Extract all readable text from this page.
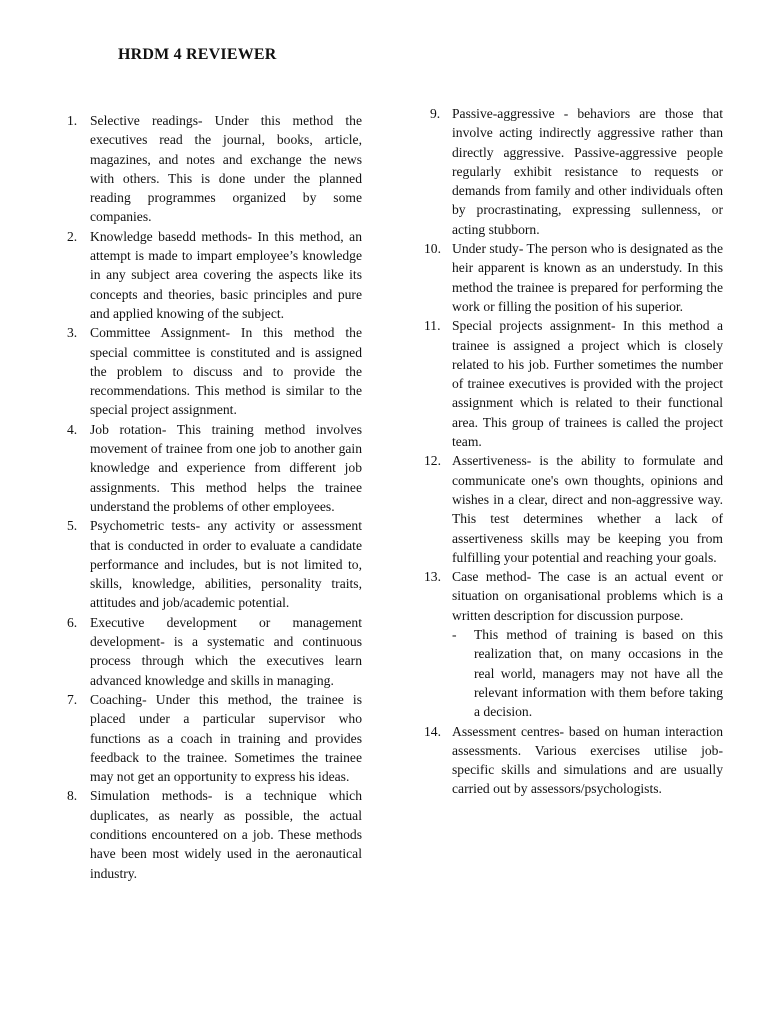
HRDM 4 REVIEWER
1. Selective readings- Under this method the executives read the journal, books, article, magazines, and notes and exchange the news with others. This is done under the planned reading programmes organized by some companies.
2. Knowledge basedd methods- In this method, an attempt is made to impart employee’s knowledge in any subject area covering the aspects like its concepts and theories, basic principles and pure and applied knowing of the subject.
3. Committee Assignment- In this method the special committee is constituted and is assigned the problem to discuss and to provide the recommendations. This method is similar to the special project assignment.
4. Job rotation- This training method involves movement of trainee from one job to another gain knowledge and experience from different job assignments. This method helps the trainee understand the problems of other employees.
5. Psychometric tests- any activity or assessment that is conducted in order to evaluate a candidate performance and includes, but is not limited to, skills, knowledge, abilities, personality traits, attitudes and job/academic potential.
6. Executive development or management development- is a systematic and continuous process through which the executives learn advanced knowledge and skills in managing.
7. Coaching- Under this method, the trainee is placed under a particular supervisor who functions as a coach in training and provides feedback to the trainee. Sometimes the trainee may not get an opportunity to express his ideas.
8. Simulation methods- is a technique which duplicates, as nearly as possible, the actual conditions encountered on a job. These methods have been most widely used in the aeronautical industry.
9. Passive-aggressive - behaviors are those that involve acting indirectly aggressive rather than directly aggressive. Passive-aggressive people regularly exhibit resistance to requests or demands from family and other individuals often by procrastinating, expressing sullenness, or acting stubborn.
10. Under study- The person who is designated as the heir apparent is known as an understudy. In this method the trainee is prepared for performing the work or filling the position of his superior.
11. Special projects assignment- In this method a trainee is assigned a project which is closely related to his job. Further sometimes the number of trainee executives is provided with the project assignment which is related to their functional area. This group of trainees is called the project team.
12. Assertiveness- is the ability to formulate and communicate one's own thoughts, opinions and wishes in a clear, direct and non-aggressive way. This test determines whether a lack of assertiveness skills may be keeping you from fulfilling your potential and reaching your goals.
13. Case method- The case is an actual event or situation on organisational problems which is a written description for discussion purpose.
-	This method of training is based on this realization that, on many occasions in the real world, managers may not have all the relevant information with them before taking a decision.
14. Assessment centres- based on human interaction assessments. Various exercises utilise job-specific skills and simulations and are usually carried out by assessors/psychologists.
